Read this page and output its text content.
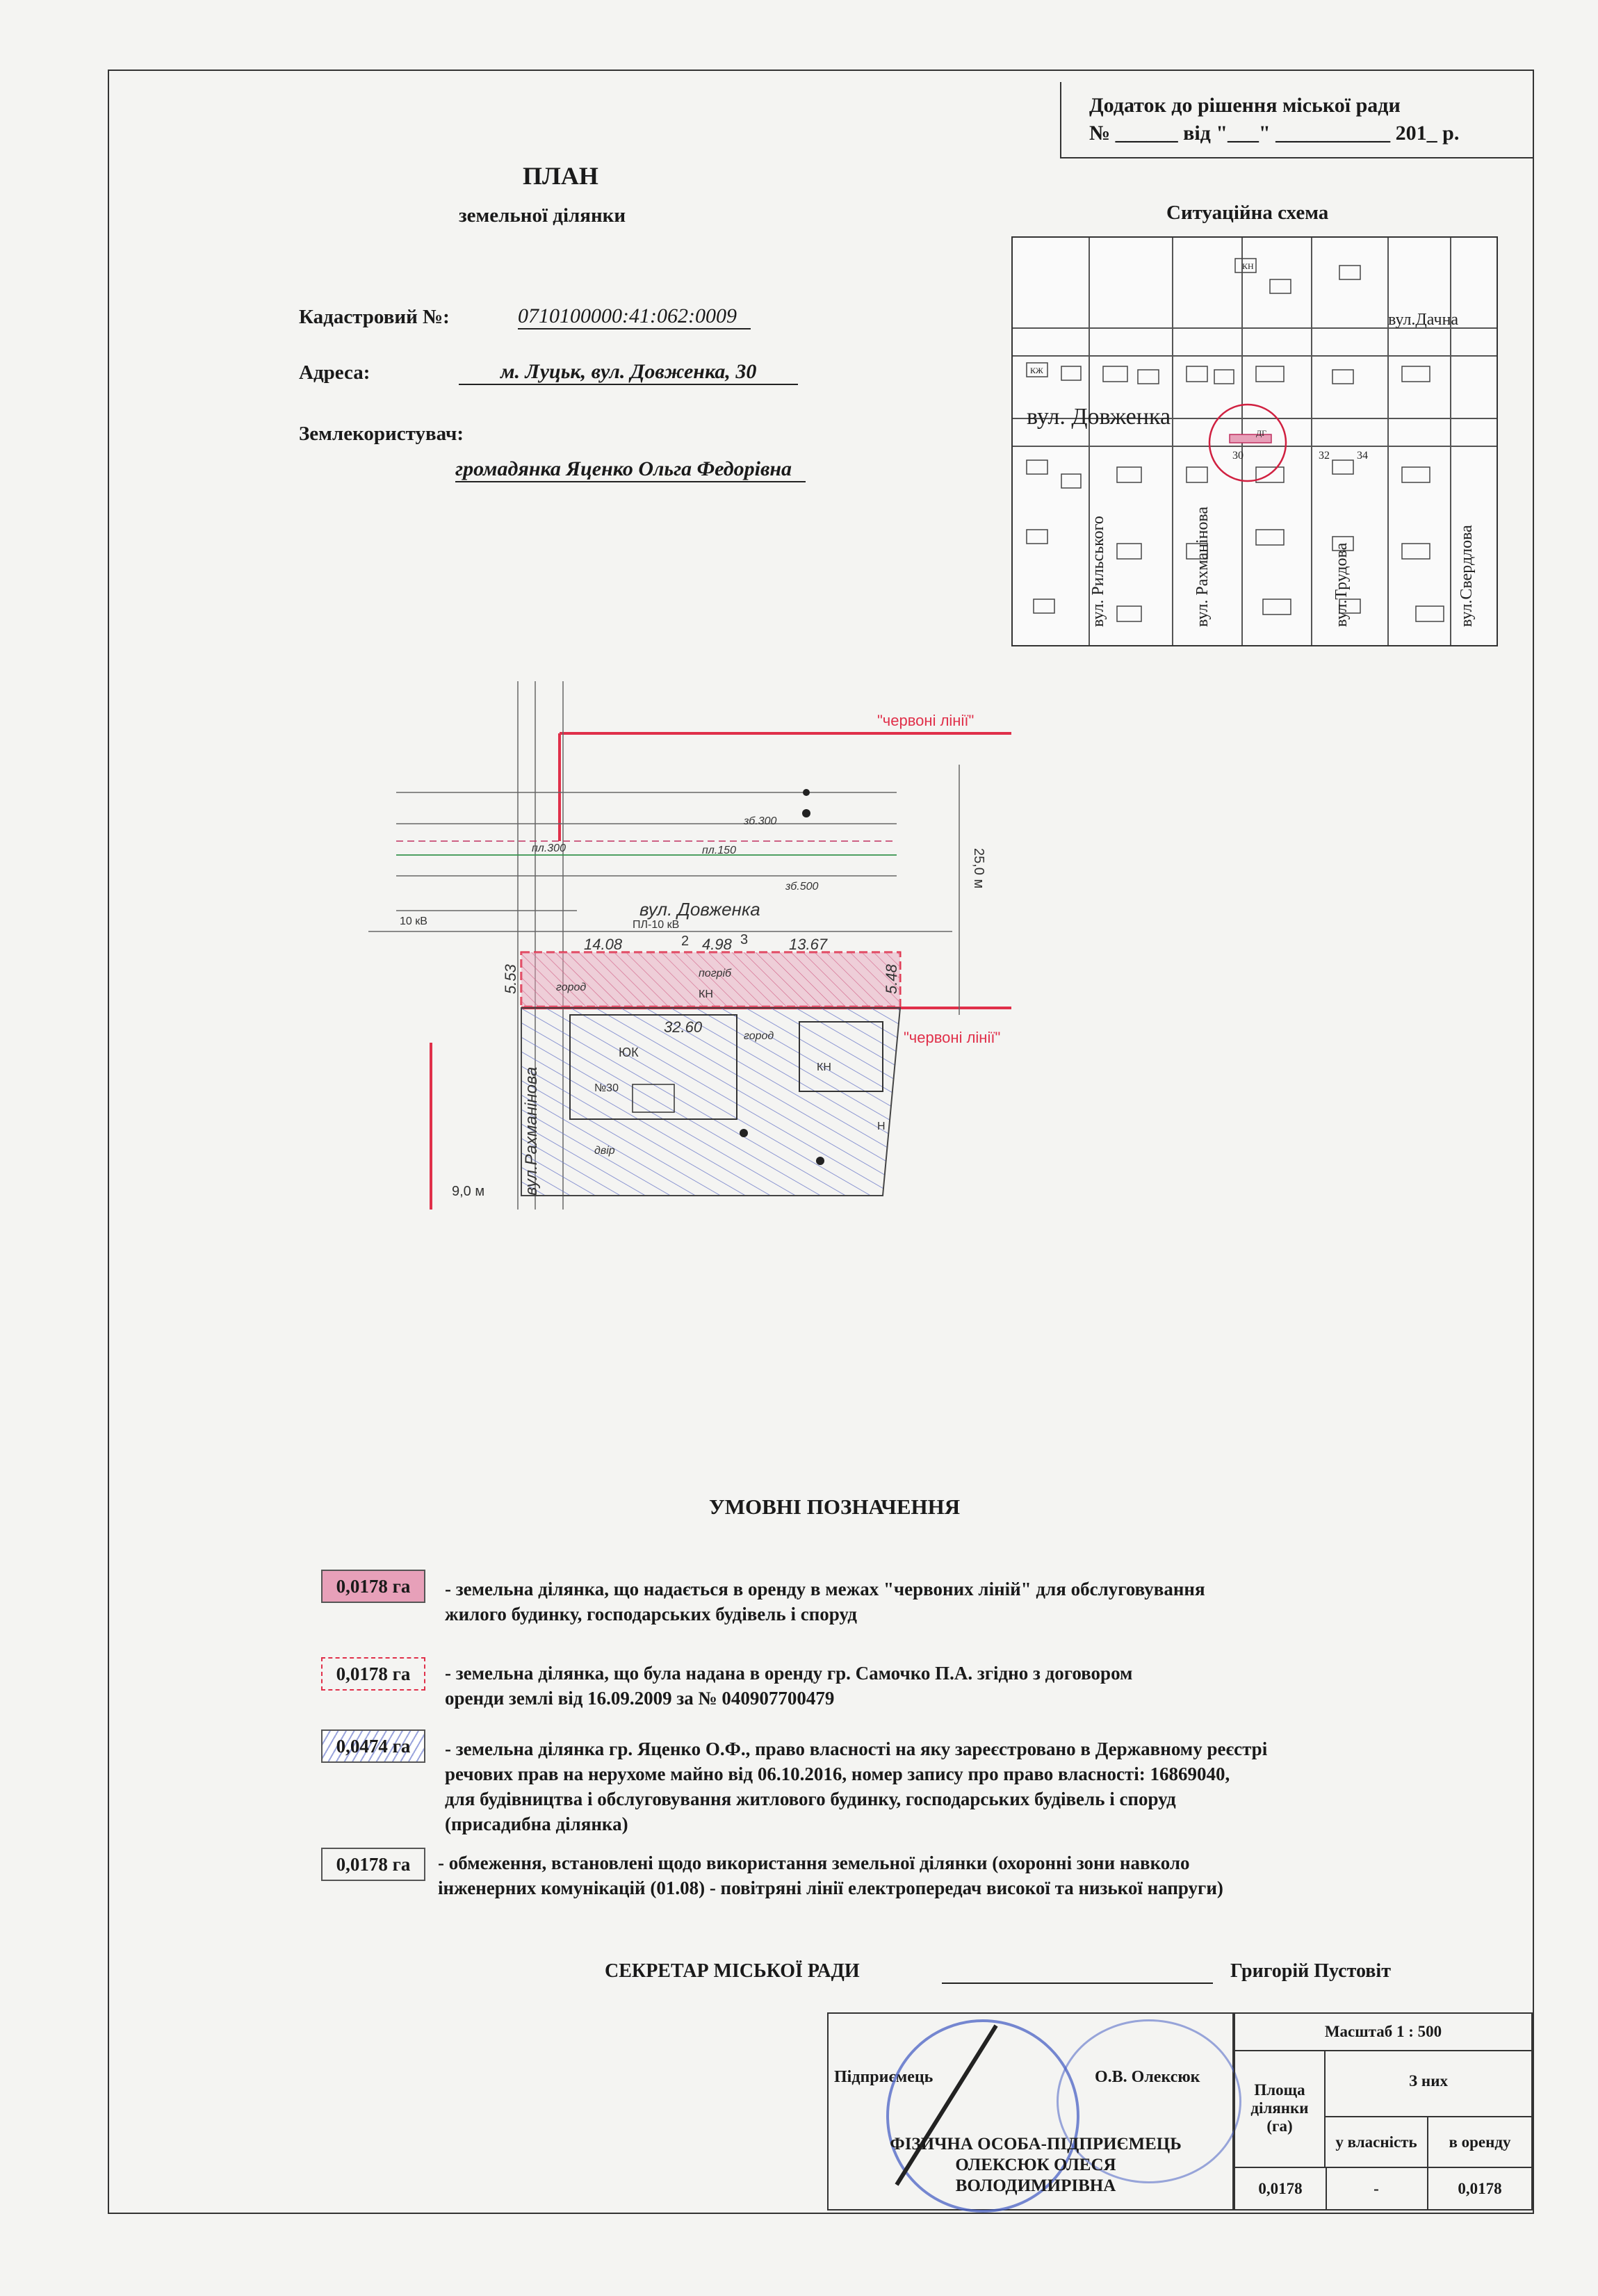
Додаток до рішення міської ради
№ ______ від "___" ___________ 201_ р.
ПЛАН
земельної ділянки	Ситуаційна схема
Кадастровий №:	0710100000:41:062:0009
Адреса:	м. Луцьк, вул. Довженка, 30
Землекористувач:
громадянка Яценко Ольга Федорівна
вул. Довженка
вул.Дачна
вул. Рильського	вул. Рахманінова	вул.Трудова	вул.Свердлова
КЖ
КН
ДГ
30	32 34
"червоні лінії"
"червоні лінії"
вул. Довженка
вул.Рахманінова
14.08	4.98	13.67
5.53	5.48
32.60
25,0 м
9,0 м
2	3
город
погріб
КН
ЮК
№30
город
двір
КН
Н
пл.300	пл.150
зб.300
зб.500
ПЛ-10 кВ
10 кВ
УМОВНІ ПОЗНАЧЕННЯ
0,0178 га	- земельна ділянка, що надається в оренду в межах "червоних ліній" для обслуговування
жилого будинку, господарських будівель і споруд
0,0178 га	- земельна ділянка, що була надана в оренду гр. Самочко П.А. згідно з договором
оренди землі від 16.09.2009 за № 040907700479
0,0474 га	- земельна ділянка гр. Яценко О.Ф., право власності на яку зареєстровано в Державному реєстрі
речових прав на нерухоме майно від 06.10.2016, номер запису про право власності: 16869040,
для будівництва і обслуговування житлового будинку, господарських будівель і споруд
(присадибна ділянка)
0,0178 га	- обмеження, встановлені щодо використання земельної ділянки (охоронні зони навколо
інженерних комунікацій (01.08) - повітряні лінії електропередач високої та низької напруги)
СЕКРЕТАР МІСЬКОЇ РАДИ	Григорій Пустовіт
Підприємець	О.В. Олексюк
ФІЗИЧНА ОСОБА-ПІДПРИЄМЕЦЬ
ОЛЕКСЮК ОЛЕСЯ
ВОЛОДИМИРІВНА
Масштаб 1 : 500
Площа ділянки (га)
З них
у власність	в оренду
0,0178	-	0,0178
